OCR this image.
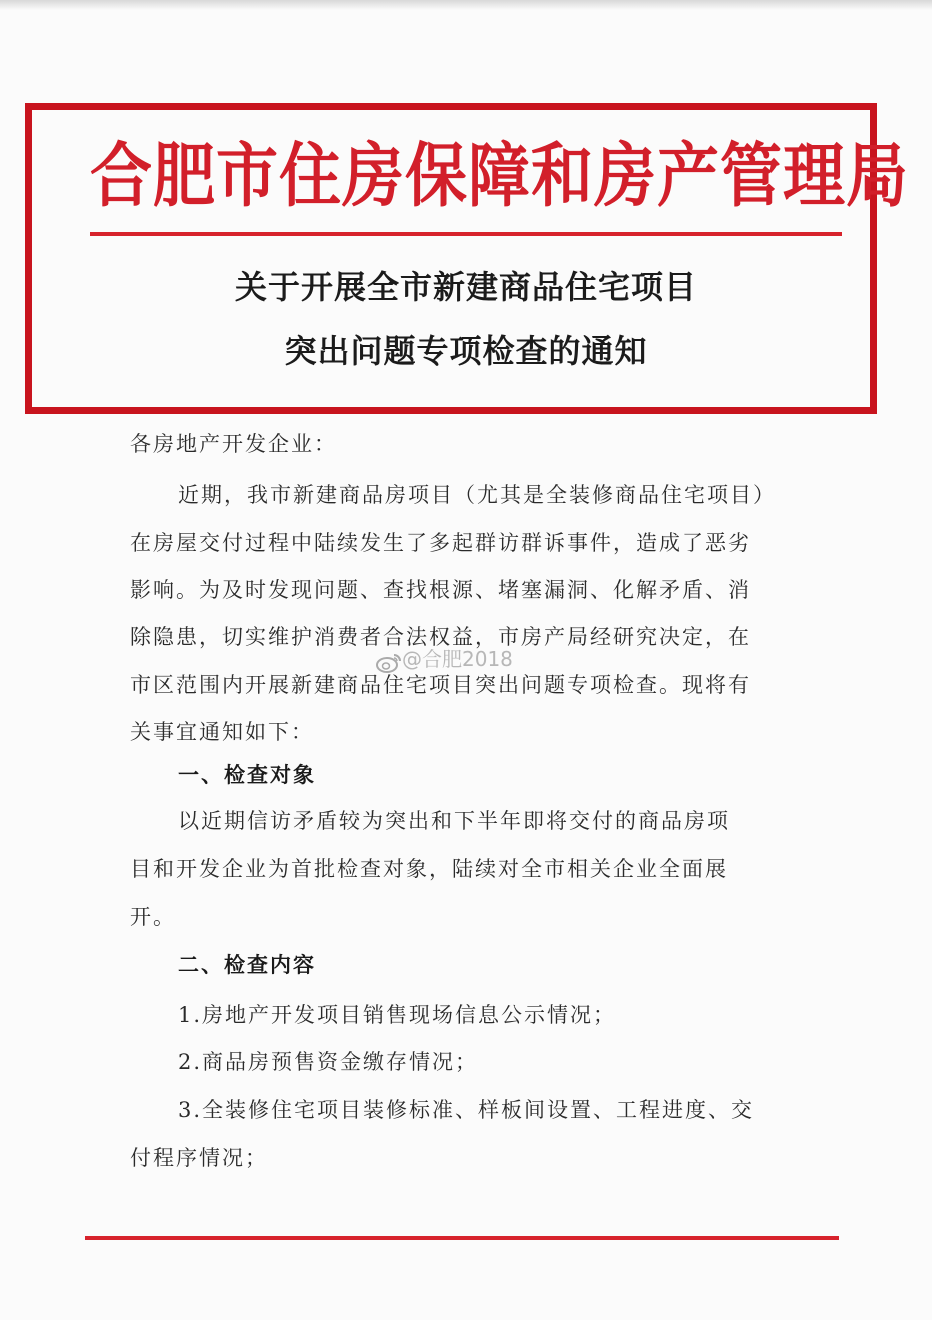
合肥市住房保障和房产管理局
关于开展全市新建商品住宅项目
突出问题专项检查的通知
各房地产开发企业：
近期，我市新建商品房项目（尤其是全装修商品住宅项目）
在房屋交付过程中陆续发生了多起群访群诉事件，造成了恶劣
影响。为及时发现问题、查找根源、堵塞漏洞、化解矛盾、消
除隐患，切实维护消费者合法权益，市房产局经研究决定，在
市区范围内开展新建商品住宅项目突出问题专项检查。现将有
关事宜通知如下：
一、检查对象
以近期信访矛盾较为突出和下半年即将交付的商品房项
目和开发企业为首批检查对象，陆续对全市相关企业全面展
开。
二、检查内容
1.房地产开发项目销售现场信息公示情况；
2.商品房预售资金缴存情况；
3.全装修住宅项目装修标准、样板间设置、工程进度、交
付程序情况；
@合肥2018
